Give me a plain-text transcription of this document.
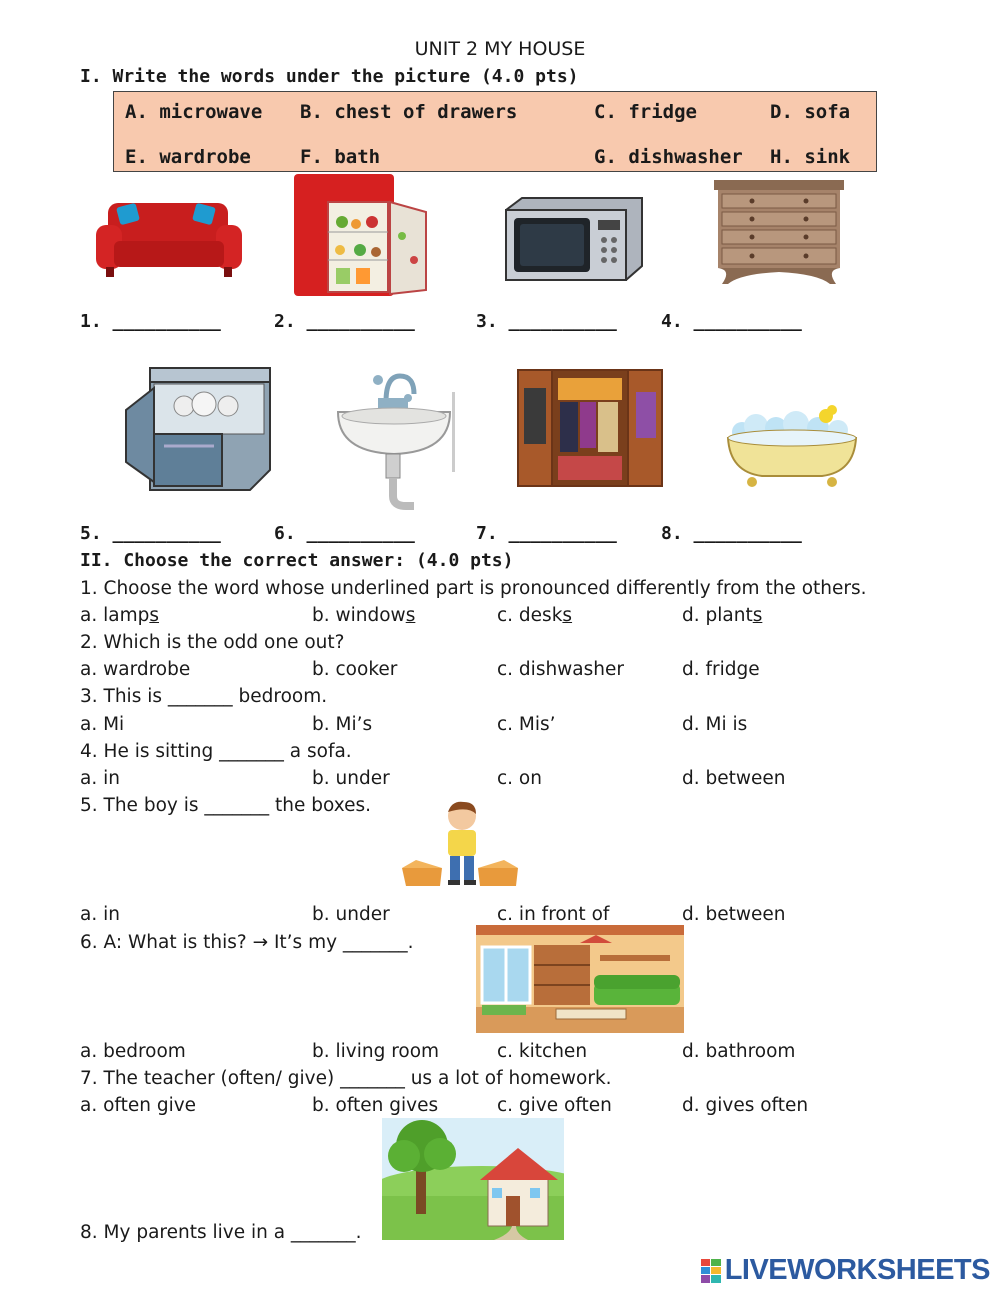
UNIT 2 MY HOUSE
I. Write the words under the picture (4.0 pts)
A. microwave B. chest of drawers	C. fridge	D. sofa
E. wardrobe	F. bath	G. dishwasher H. sink
1. __________	2. __________	3. __________ 4. __________
5. __________	6. __________	7. __________ 8. __________
II. Choose the correct answer: (4.0 pts)
1. Choose the word whose underlined part is pronounced differently from the others.
a. lamps	b. windows	c. desks	d. plants
2. Which is the odd one out?
a. wardrobe	b. cooker	c. dishwasher	d. fridge
3. This is _______ bedroom.
a. Mi	b. Mi’s	c. Mis’	d. Mi is
4. He is sitting _______ a sofa.
a. in	b. under	c. on	d. between
5. The boy is _______ the boxes.
a. in	b. under	c. in front of	d. between
6. A: What is this? → It’s my _______.
a. bedroom	b. living room	c. kitchen	d. bathroom
7. The teacher (often/ give) _______ us a lot of homework.
a. often give	b. often gives	c. give often	d. gives often
8. My parents live in a _______.
LIVEWORKSHEETS
